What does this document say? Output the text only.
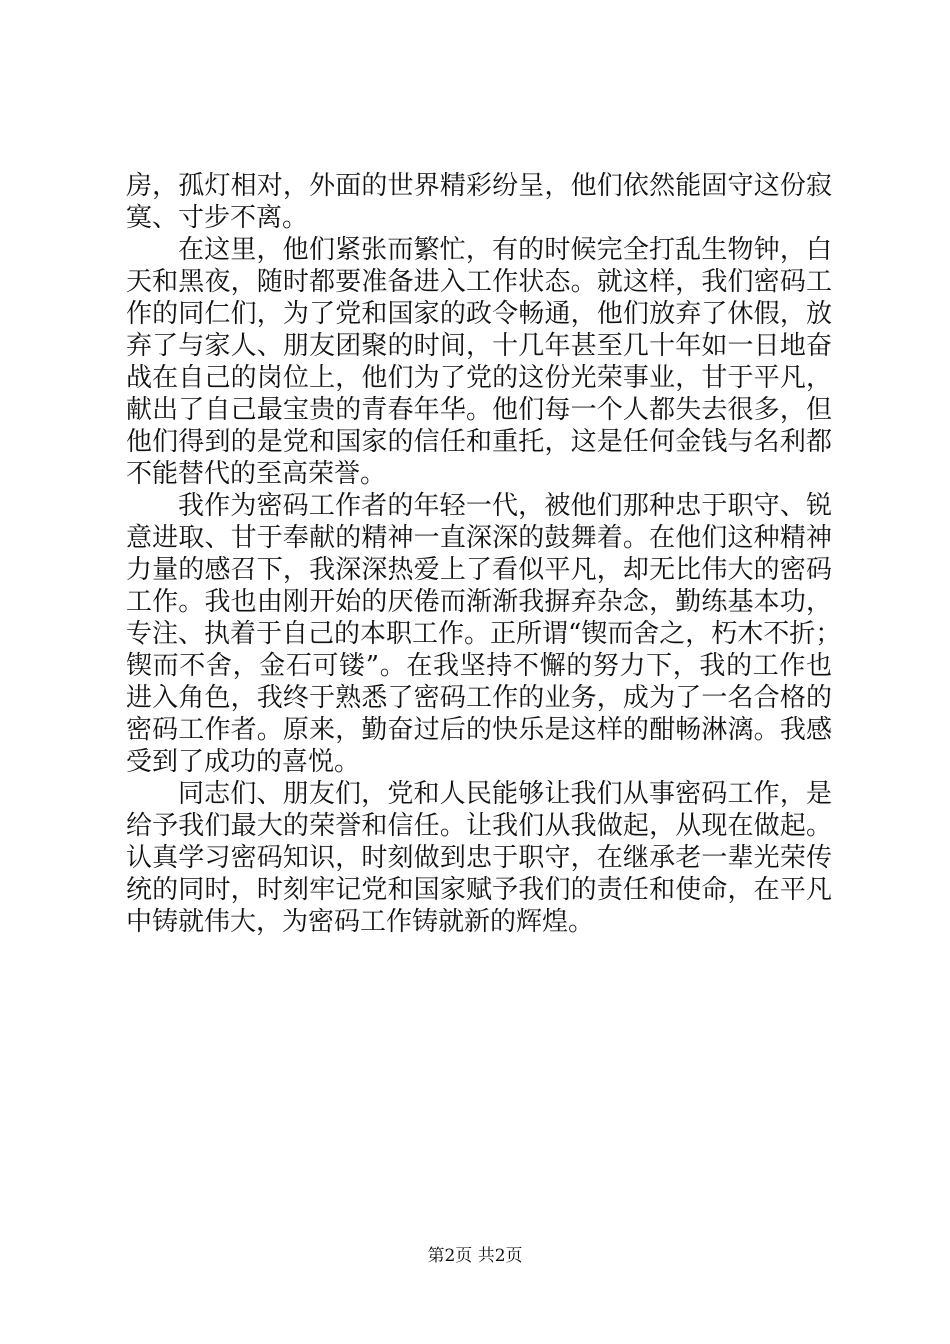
房，孤灯相对，外面的世界精彩纷呈，他们依然能固守这份寂
寞、寸步不离。
在这里，他们紧张而繁忙，有的时候完全打乱生物钟，白
天和黑夜，随时都要准备进入工作状态。就这样，我们密码工
作的同仁们，为了党和国家的政令畅通，他们放弃了休假，放
弃了与家人、朋友团聚的时间，十几年甚至几十年如一日地奋
战在自己的岗位上，他们为了党的这份光荣事业，甘于平凡，
献出了自己最宝贵的青春年华。他们每一个人都失去很多，但
他们得到的是党和国家的信任和重托，这是任何金钱与名利都
不能替代的至高荣誉。
我作为密码工作者的年轻一代，被他们那种忠于职守、锐
意进取、甘于奉献的精神一直深深的鼓舞着。在他们这种精神
力量的感召下，我深深热爱上了看似平凡，却无比伟大的密码
工作。我也由刚开始的厌倦而渐渐我摒弃杂念，勤练基本功，
专注、执着于自己的本职工作。正所谓“锲而舍之，朽木不折；
锲而不舍，金石可镂”。在我坚持不懈的努力下，我的工作也
进入角色，我终于熟悉了密码工作的业务，成为了一名合格的
密码工作者。原来，勤奋过后的快乐是这样的酣畅淋漓。我感
受到了成功的喜悦。
同志们、朋友们，党和人民能够让我们从事密码工作，是
给予我们最大的荣誉和信任。让我们从我做起，从现在做起。
认真学习密码知识，时刻做到忠于职守，在继承老一辈光荣传
统的同时，时刻牢记党和国家赋予我们的责任和使命，在平凡
中铸就伟大，为密码工作铸就新的辉煌。
第2页 共2页
